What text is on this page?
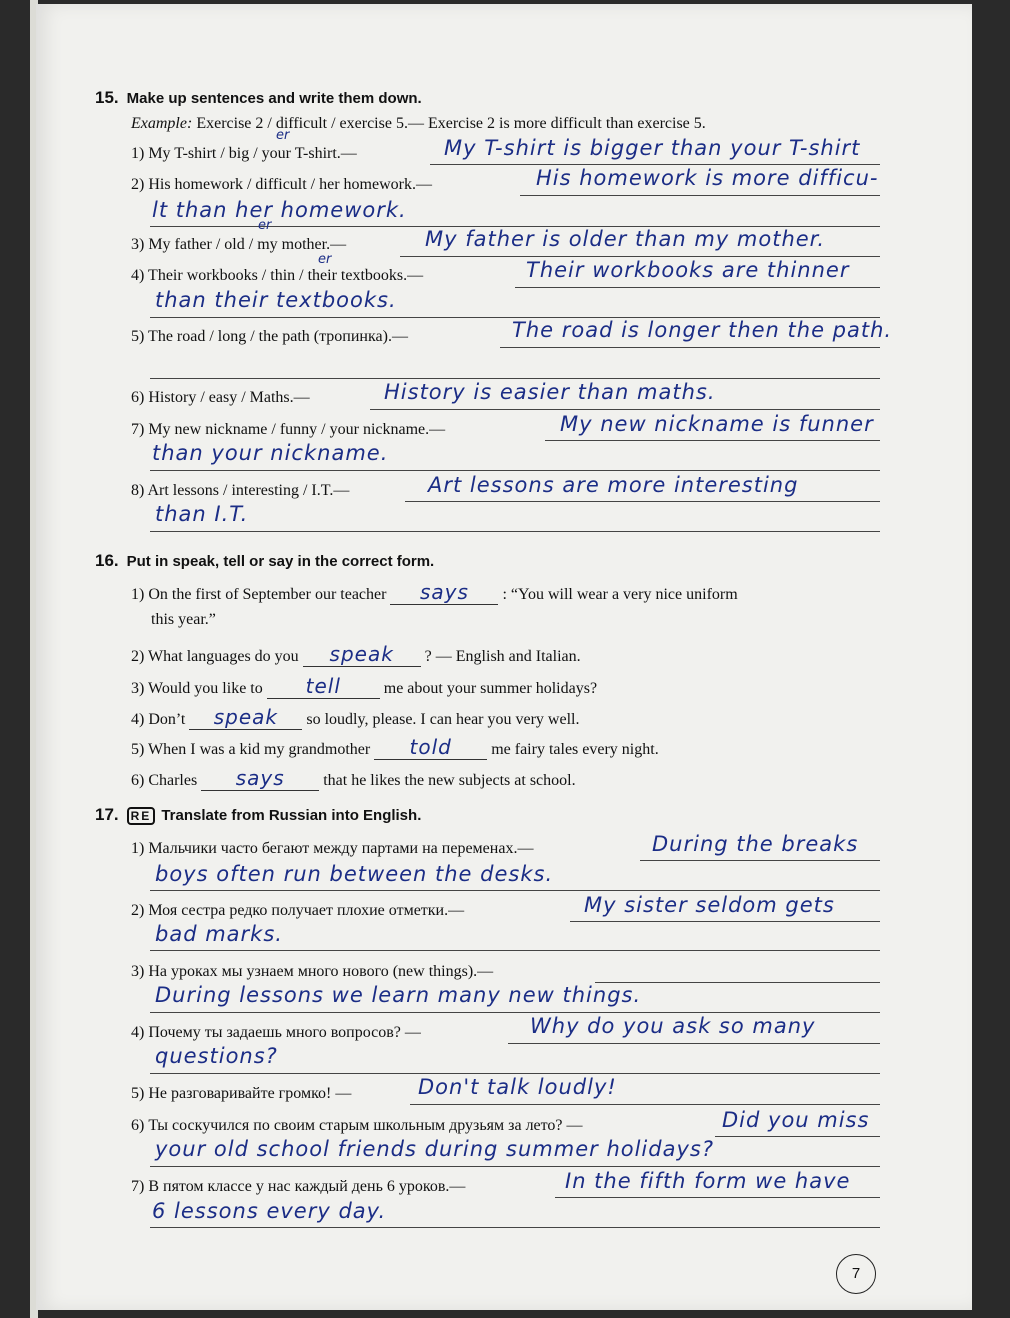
15. Make up sentences and write them down.
Example: Exercise 2 / difficult / exercise 5.— Exercise 2 is more difficult than exercise 5.
1) My T-shirt / big / your T-shirt.—	My T-shirt is bigger than your T-shirt
er
2) His homework / difficult / her homework.—	His homework is more difficu-
lt than her homework.
3) My father / old / my mother.—	My father is older than my mother.
er
4) Their workbooks / thin / their textbooks.—	Their workbooks are thinner
than their textbooks.
er
5) The road / long / the path (тропинка).—	The road is longer then the path.
6) History / easy / Maths.—	History is easier than maths.
7) My new nickname / funny / your nickname.—	My new nickname is funner
than your nickname.
8) Art lessons / interesting / I.T.—	Art lessons are more interesting
than I.T.
16. Put in speak, tell or say in the correct form.
1) On the first of September our teacher says : “You will wear a very nice uniform
this year.”
2) What languages do you speak ? — English and Italian.
3) Would you like to tell	me about your summer holidays?
4) Don’t speak so loudly, please. I can hear you very well.
5) When I was a kid my grandmother told me fairy tales every night.
6) Charles says that he likes the new subjects at school.
17. RE Translate from Russian into English.
1) Мальчики часто бегают между партами на переменах.—	During the breaks
boys often run between the desks.
2) Моя сестра редко получает плохие отметки.—	My sister seldom gets
bad marks.
3) На уроках мы узнаем много нового (new things).—
During lessons we learn many new things.
4) Почему ты задаешь много вопросов? —	Why do you ask so many
questions?
5) Не разговаривайте громко! —	Don't talk loudly!
6) Ты соскучился по своим старым школьным друзьям за лето? —	Did you miss
your old school friends during summer holidays?
7) В пятом классе у нас каждый день 6 уроков.—	In the fifth form we have
6 lessons every day.
7
